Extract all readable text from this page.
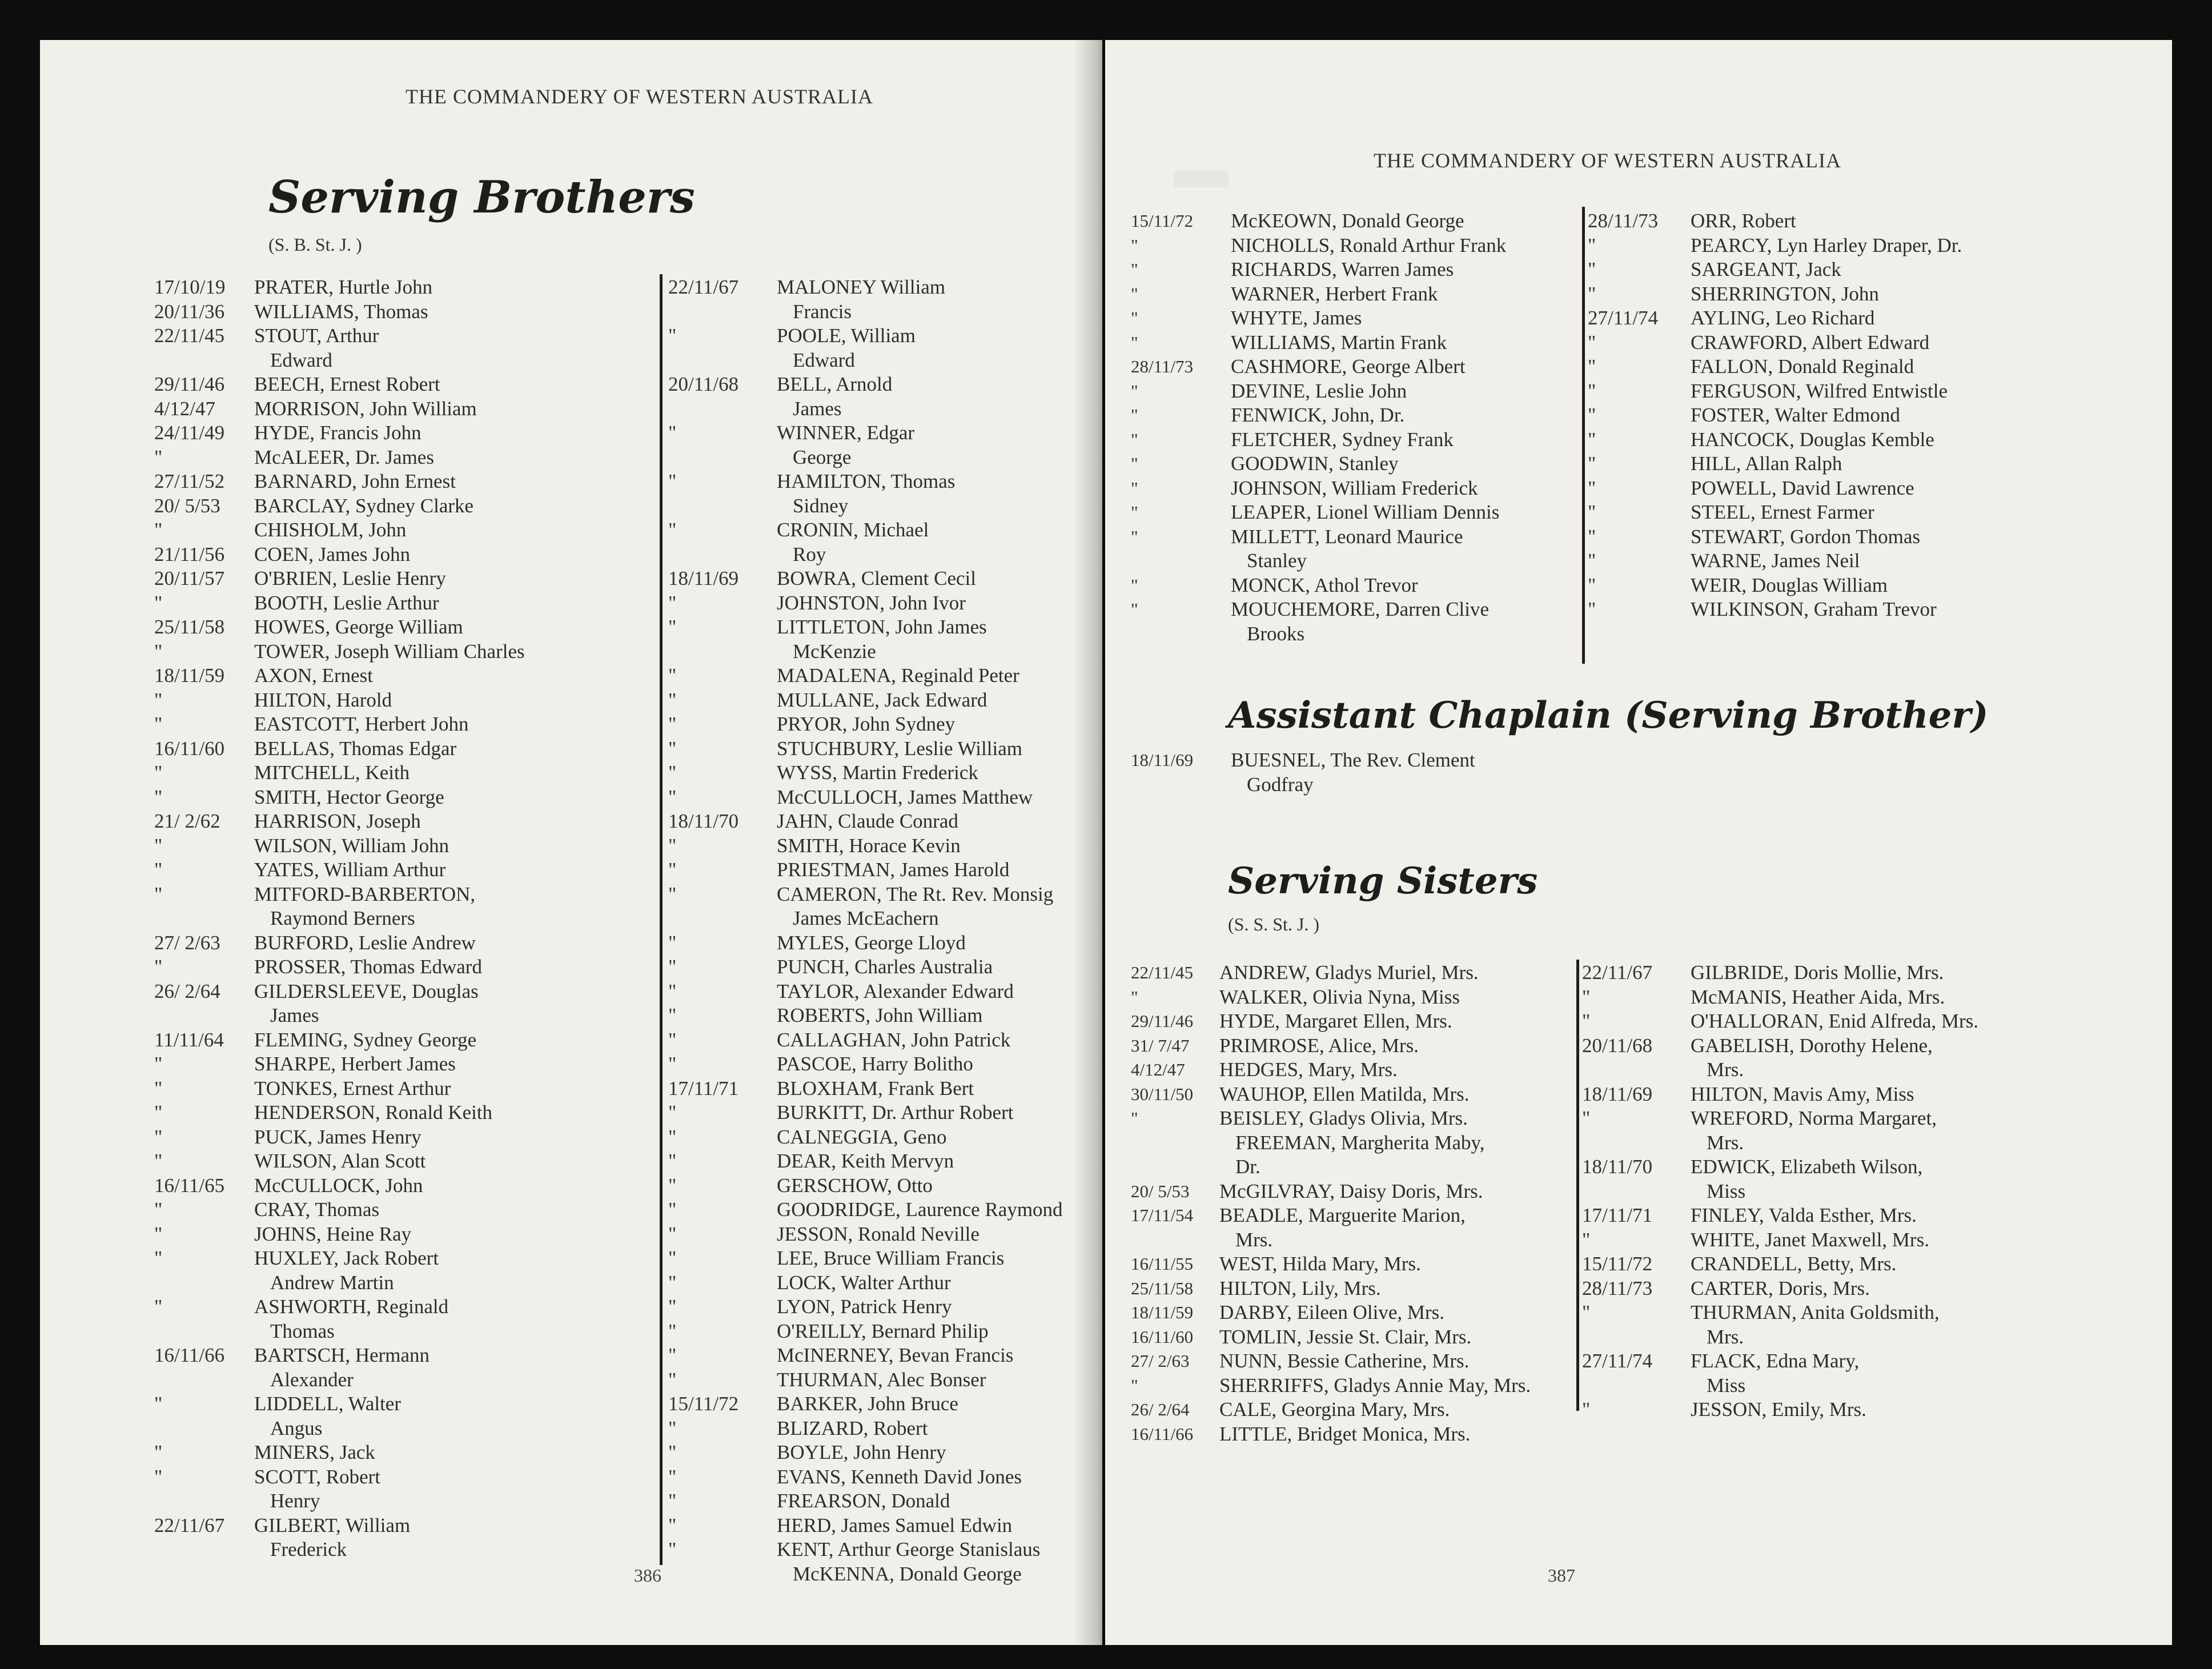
THE COMMANDERY OF WESTERN AUSTRALIA
Serving Brothers
(S. B. St. J. )
17/10/19 PRATER, Hurtle John
20/11/36 WILLIAMS, Thomas
22/11/45 STOUT, Arthur
Edward
29/11/46 BEECH, Ernest Robert
4/12/47 MORRISON, John William
24/11/49 HYDE, Francis John
"	McALEER, Dr. James
27/11/52 BARNARD, John Ernest
20/ 5/53 BARCLAY, Sydney Clarke
"	CHISHOLM, John
21/11/56 COEN, James John
20/11/57 O'BRIEN, Leslie Henry
"	BOOTH, Leslie Arthur
25/11/58 HOWES, George William
"	TOWER, Joseph William Charles
18/11/59 AXON, Ernest
"	HILTON, Harold
"	EASTCOTT, Herbert John
16/11/60 BELLAS, Thomas Edgar
"	MITCHELL, Keith
"	SMITH, Hector George
21/ 2/62 HARRISON, Joseph
"	WILSON, William John
"	YATES, William Arthur
"	MITFORD-BARBERTON,
Raymond Berners
27/ 2/63 BURFORD, Leslie Andrew
"	PROSSER, Thomas Edward
26/ 2/64 GILDERSLEEVE, Douglas
James
11/11/64 FLEMING, Sydney George
"	SHARPE, Herbert James
"	TONKES, Ernest Arthur
"	HENDERSON, Ronald Keith
"	PUCK, James Henry
"	WILSON, Alan Scott
16/11/65 McCULLOCK, John
"	CRAY, Thomas
"	JOHNS, Heine Ray
"	HUXLEY, Jack Robert
Andrew Martin
"	ASHWORTH, Reginald
Thomas
16/11/66 BARTSCH, Hermann
Alexander
"	LIDDELL, Walter
Angus
"	MINERS, Jack
"	SCOTT, Robert
Henry
22/11/67 GILBERT, William
Frederick
22/11/67 MALONEY William
Francis
"	POOLE, William
Edward
20/11/68 BELL, Arnold
James
"	WINNER, Edgar
George
"	HAMILTON, Thomas
Sidney
"	CRONIN, Michael
Roy
18/11/69 BOWRA, Clement Cecil
"	JOHNSTON, John Ivor
"	LITTLETON, John James
McKenzie
"	MADALENA, Reginald Peter
"	MULLANE, Jack Edward
"	PRYOR, John Sydney
"	STUCHBURY, Leslie William
"	WYSS, Martin Frederick
"	McCULLOCH, James Matthew
18/11/70 JAHN, Claude Conrad
"	SMITH, Horace Kevin
"	PRIESTMAN, James Harold
"	CAMERON, The Rt. Rev. Monsig
James McEachern
"	MYLES, George Lloyd
"	PUNCH, Charles Australia
"	TAYLOR, Alexander Edward
"	ROBERTS, John William
"	CALLAGHAN, John Patrick
"	PASCOE, Harry Bolitho
17/11/71 BLOXHAM, Frank Bert
"	BURKITT, Dr. Arthur Robert
"	CALNEGGIA, Geno
"	DEAR, Keith Mervyn
"	GERSCHOW, Otto
"	GOODRIDGE, Laurence Raymond
"	JESSON, Ronald Neville
"	LEE, Bruce William Francis
"	LOCK, Walter Arthur
"	LYON, Patrick Henry
"	O'REILLY, Bernard Philip
"	McINERNEY, Bevan Francis
"	THURMAN, Alec Bonser
15/11/72 BARKER, John Bruce
"	BLIZARD, Robert
"	BOYLE, John Henry
"	EVANS, Kenneth David Jones
"	FREARSON, Donald
"	HERD, James Samuel Edwin
"	KENT, Arthur George Stanislaus
McKENNA, Donald George
386
▬	THE COMMANDERY OF WESTERN AUSTRALIA
15/11/72 McKEOWN, Donald George
"	NICHOLLS, Ronald Arthur Frank
"	RICHARDS, Warren James
"	WARNER, Herbert Frank
"	WHYTE, James
"	WILLIAMS, Martin Frank
28/11/73 CASHMORE, George Albert
"	DEVINE, Leslie John
"	FENWICK, John, Dr.
"	FLETCHER, Sydney Frank
"	GOODWIN, Stanley
"	JOHNSON, William Frederick
"	LEAPER, Lionel William Dennis
"	MILLETT, Leonard Maurice
Stanley
"	MONCK, Athol Trevor
"	MOUCHEMORE, Darren Clive
Brooks
28/11/73 ORR, Robert
"	PEARCY, Lyn Harley Draper, Dr.
"	SARGEANT, Jack
"	SHERRINGTON, John
27/11/74 AYLING, Leo Richard
"	CRAWFORD, Albert Edward
"	FALLON, Donald Reginald
"	FERGUSON, Wilfred Entwistle
"	FOSTER, Walter Edmond
"	HANCOCK, Douglas Kemble
"	HILL, Allan Ralph
"	POWELL, David Lawrence
"	STEEL, Ernest Farmer
"	STEWART, Gordon Thomas
"	WARNE, James Neil
"	WEIR, Douglas William
"	WILKINSON, Graham Trevor
Assistant Chaplain (Serving Brother)
18/11/69 BUESNEL, The Rev. Clement
Godfray
Serving Sisters
(S. S. St. J. )
22/11/45 ANDREW, Gladys Muriel, Mrs.
"	WALKER, Olivia Nyna, Miss
29/11/46 HYDE, Margaret Ellen, Mrs.
31/ 7/47 PRIMROSE, Alice, Mrs.
4/12/47 HEDGES, Mary, Mrs.
30/11/50 WAUHOP, Ellen Matilda, Mrs.
"	BEISLEY, Gladys Olivia, Mrs.
FREEMAN, Margherita Maby,
Dr.
20/ 5/53 McGILVRAY, Daisy Doris, Mrs.
17/11/54 BEADLE, Marguerite Marion,
Mrs.
16/11/55 WEST, Hilda Mary, Mrs.
25/11/58 HILTON, Lily, Mrs.
18/11/59 DARBY, Eileen Olive, Mrs.
16/11/60 TOMLIN, Jessie St. Clair, Mrs.
27/ 2/63 NUNN, Bessie Catherine, Mrs.
"	SHERRIFFS, Gladys Annie May, Mrs.
26/ 2/64 CALE, Georgina Mary, Mrs.
16/11/66 LITTLE, Bridget Monica, Mrs.
22/11/67 GILBRIDE, Doris Mollie, Mrs.
"	McMANIS, Heather Aida, Mrs.
"	O'HALLORAN, Enid Alfreda, Mrs.
20/11/68 GABELISH, Dorothy Helene,
Mrs.
18/11/69 HILTON, Mavis Amy, Miss
"	WREFORD, Norma Margaret,
Mrs.
18/11/70 EDWICK, Elizabeth Wilson,
Miss
17/11/71 FINLEY, Valda Esther, Mrs.
"	WHITE, Janet Maxwell, Mrs.
15/11/72 CRANDELL, Betty, Mrs.
28/11/73 CARTER, Doris, Mrs.
"	THURMAN, Anita Goldsmith,
Mrs.
27/11/74 FLACK, Edna Mary,
Miss
"	JESSON, Emily, Mrs.
387
